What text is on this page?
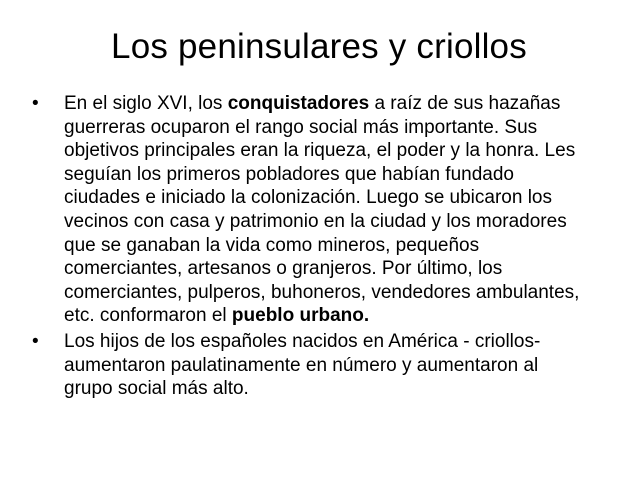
Los peninsulares y criollos
• En el siglo XVI, los conquistadores a raíz de sus hazañas guerreras ocuparon el rango social más importante. Sus objetivos principales eran la riqueza, el poder y la honra. Les seguían los primeros pobladores que habían fundado ciudades e iniciado la colonización. Luego se ubicaron los vecinos con casa y patrimonio en la ciudad y los moradores que se ganaban la vida como mineros, pequeños comerciantes, artesanos o granjeros. Por último, los comerciantes, pulperos, buhoneros, vendedores ambulantes, etc. conformaron el pueblo urbano.
• Los hijos de los españoles nacidos en América - criollos- aumentaron paulatinamente en número y aumentaron al grupo social más alto.
